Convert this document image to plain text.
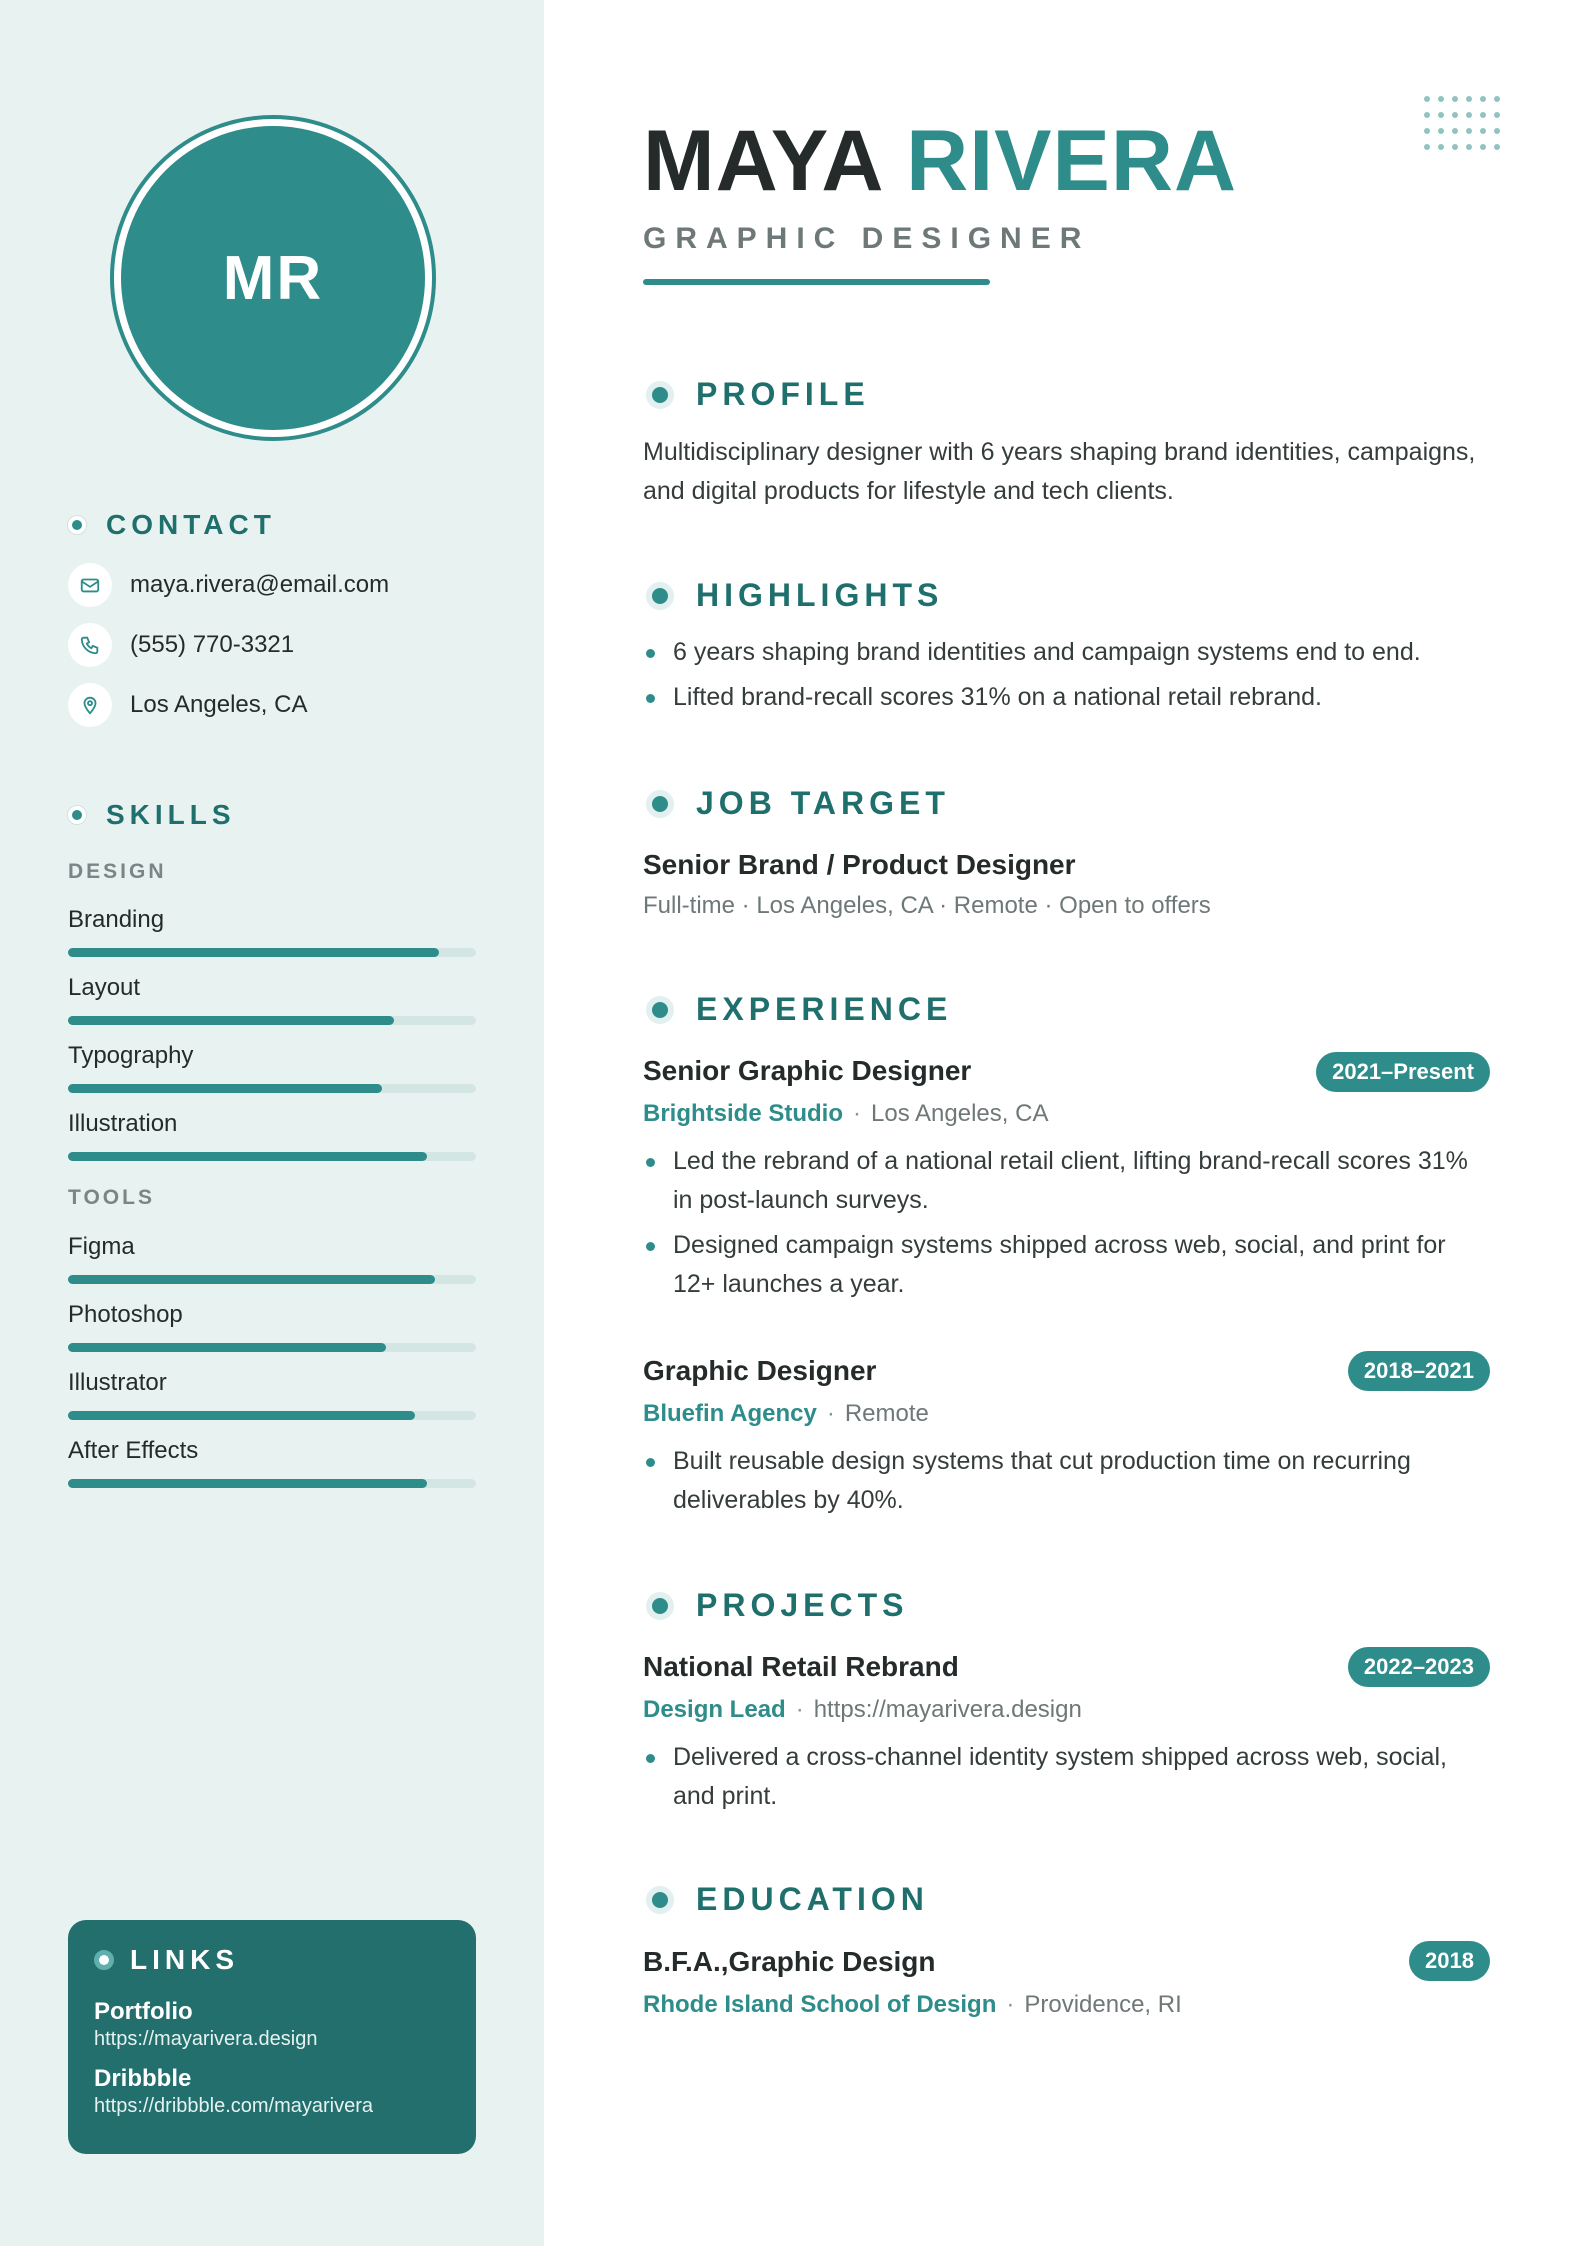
MR
CONTACT
maya.rivera@email.com
(555) 770-3321
Los Angeles, CA
SKILLS
DESIGN
Branding
Layout
Typography
Illustration
TOOLS
Figma
Photoshop
Illustrator
After Effects
LINKS
Portfolio
https://mayarivera.design
Dribbble
https://dribbble.com/mayarivera
MAYA RIVERA
GRAPHIC DESIGNER
PROFILE
Multidisciplinary designer with 6 years shaping brand identities, campaigns, and digital products for lifestyle and tech clients.
HIGHLIGHTS
6 years shaping brand identities and campaign systems end to end.
Lifted brand-recall scores 31% on a national retail rebrand.
JOB TARGET
Senior Brand / Product Designer
Full-time · Los Angeles, CA · Remote · Open to offers
EXPERIENCE
Senior Graphic Designer	2021–Present
Brightside Studio · Los Angeles, CA
Led the rebrand of a national retail client, lifting brand-recall scores 31% in post-launch surveys.
Designed campaign systems shipped across web, social, and print for 12+ launches a year.
Graphic Designer	2018–2021
Bluefin Agency · Remote
Built reusable design systems that cut production time on recurring deliverables by 40%.
PROJECTS
National Retail Rebrand	2022–2023
Design Lead · https://mayarivera.design
Delivered a cross-channel identity system shipped across web, social, and print.
EDUCATION
B.F.A.,Graphic Design	2018
Rhode Island School of Design · Providence, RI
